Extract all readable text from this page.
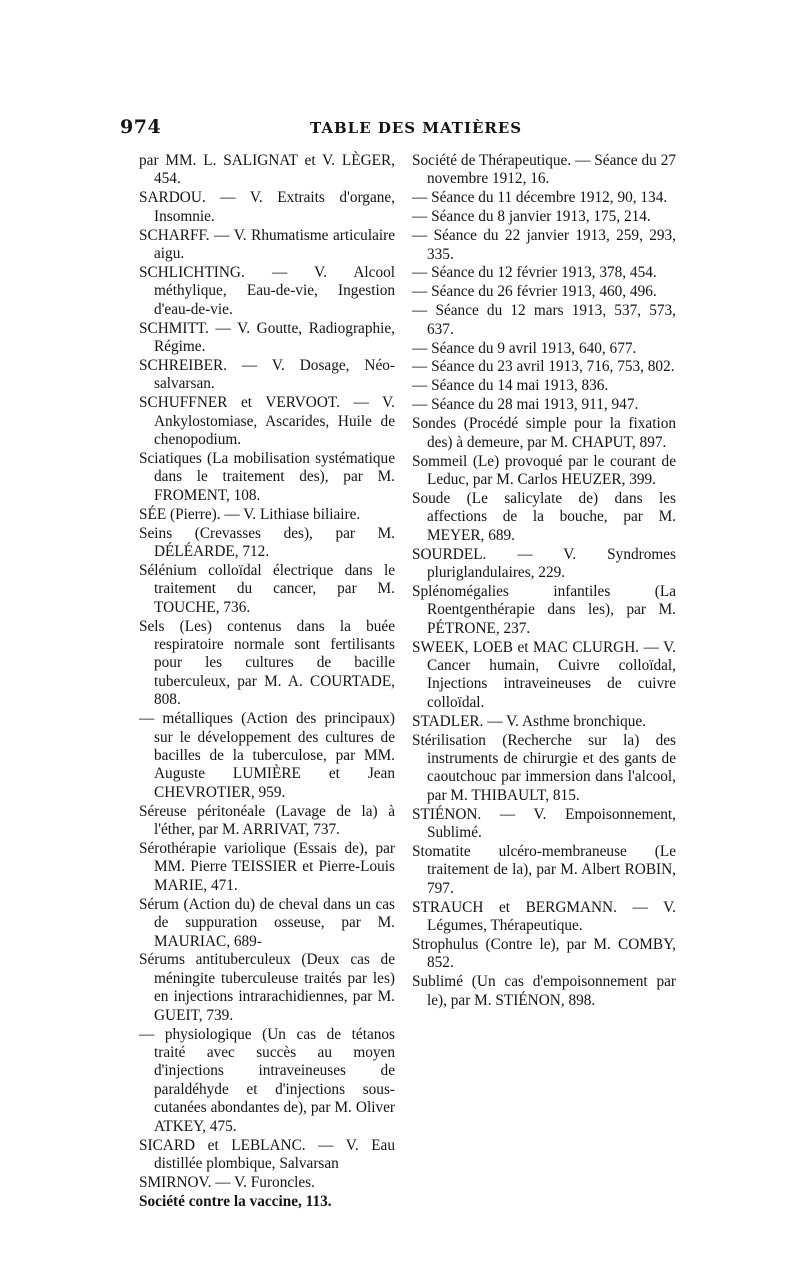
974	TABLE DES MATIÈRES

par MM. L. SALIGNAT et V. LÈGER, 454.

SARDOU. — V. Extraits d'organe, Insomnie.

SCHARFF. — V. Rhumatisme articulaire aigu.

SCHLICHTING. — V. Alcool méthylique, Eau-de-vie, Ingestion d'eau-de-vie.

SCHMITT. — V. Goutte, Radiographie, Régime.

SCHREIBER. — V. Dosage, Néo-salvarsan.

SCHUFFNER et VERVOOT. — V. Ankylostomiase, Ascarides, Huile de chenopodium.

Sciatiques (La mobilisation systématique dans le traitement des), par M. FROMENT, 108.

SÉE (Pierre). — V. Lithiase biliaire.

Seins (Crevasses des), par M. DÉLÉARDE, 712.

Sélénium colloïdal électrique dans le traitement du cancer, par M. TOUCHE, 736.

Sels (Les) contenus dans la buée respiratoire normale sont fertilisants pour les cultures de bacille tuberculeux, par M. A. COURTADE, 808.

— métalliques (Action des principaux) sur le développement des cultures de bacilles de la tuberculose, par MM. Auguste LUMIÈRE et Jean CHEVROTIER, 959.

Séreuse péritonéale (Lavage de la) à l'éther, par M. ARRIVAT, 737.

Sérothérapie variolique (Essais de), par MM. Pierre TEISSIER et Pierre-Louis MARIE, 471.

Sérum (Action du) de cheval dans un cas de suppuration osseuse, par M. MAURIAC, 689-

Sérums antituberculeux (Deux cas de méningite tuberculeuse traités par les) en injections intrarachidiennes, par M. GUEIT, 739.

— physiologique (Un cas de tétanos traité avec succès au moyen d'injections intraveineuses de paraldéhyde et d'injections sous-cutanées abondantes de), par M. Oliver ATKEY, 475.

SICARD et LEBLANC. — V. Eau distillée plombique, Salvarsan

SMIRNOV. — V. Furoncles.

Société contre la vaccine, 113.

Société de Thérapeutique. — Séance du 27 novembre 1912, 16.

— Séance du 11 décembre 1912, 90, 134.

— Séance du 8 janvier 1913, 175, 214.

— Séance du 22 janvier 1913, 259, 293, 335.

— Séance du 12 février 1913, 378, 454.

— Séance du 26 février 1913, 460, 496.

— Séance du 12 mars 1913, 537, 573, 637.

— Séance du 9 avril 1913, 640, 677.

— Séance du 23 avril 1913, 716, 753, 802.

— Séance du 14 mai 1913, 836.

— Séance du 28 mai 1913, 911, 947.

Sondes (Procédé simple pour la fixation des) à demeure, par M. CHAPUT, 897.

Sommeil (Le) provoqué par le courant de Leduc, par M. Carlos HEUZER, 399.

Soude (Le salicylate de) dans les affections de la bouche, par M. MEYER, 689.

SOURDEL. — V. Syndromes pluriglandulaires, 229.

Splénomégalies infantiles (La Roentgenthérapie dans les), par M. PÉTRONE, 237.

SWEEK, LOEB et MAC CLURGH. — V. Cancer humain, Cuivre colloïdal, Injections intraveineuses de cuivre colloïdal.

STADLER. — V. Asthme bronchique.

Stérilisation (Recherche sur la) des instruments de chirurgie et des gants de caoutchouc par immersion dans l'alcool, par M. THIBAULT, 815.

STIÉNON. — V. Empoisonnement, Sublimé.

Stomatite ulcéro-membraneuse (Le traitement de la), par M. Albert ROBIN, 797.

STRAUCH et BERGMANN. — V. Légumes, Thérapeutique.

Strophulus (Contre le), par M. COMBY, 852.

Sublimé (Un cas d'empoisonnement par le), par M. STIÉNON, 898.
